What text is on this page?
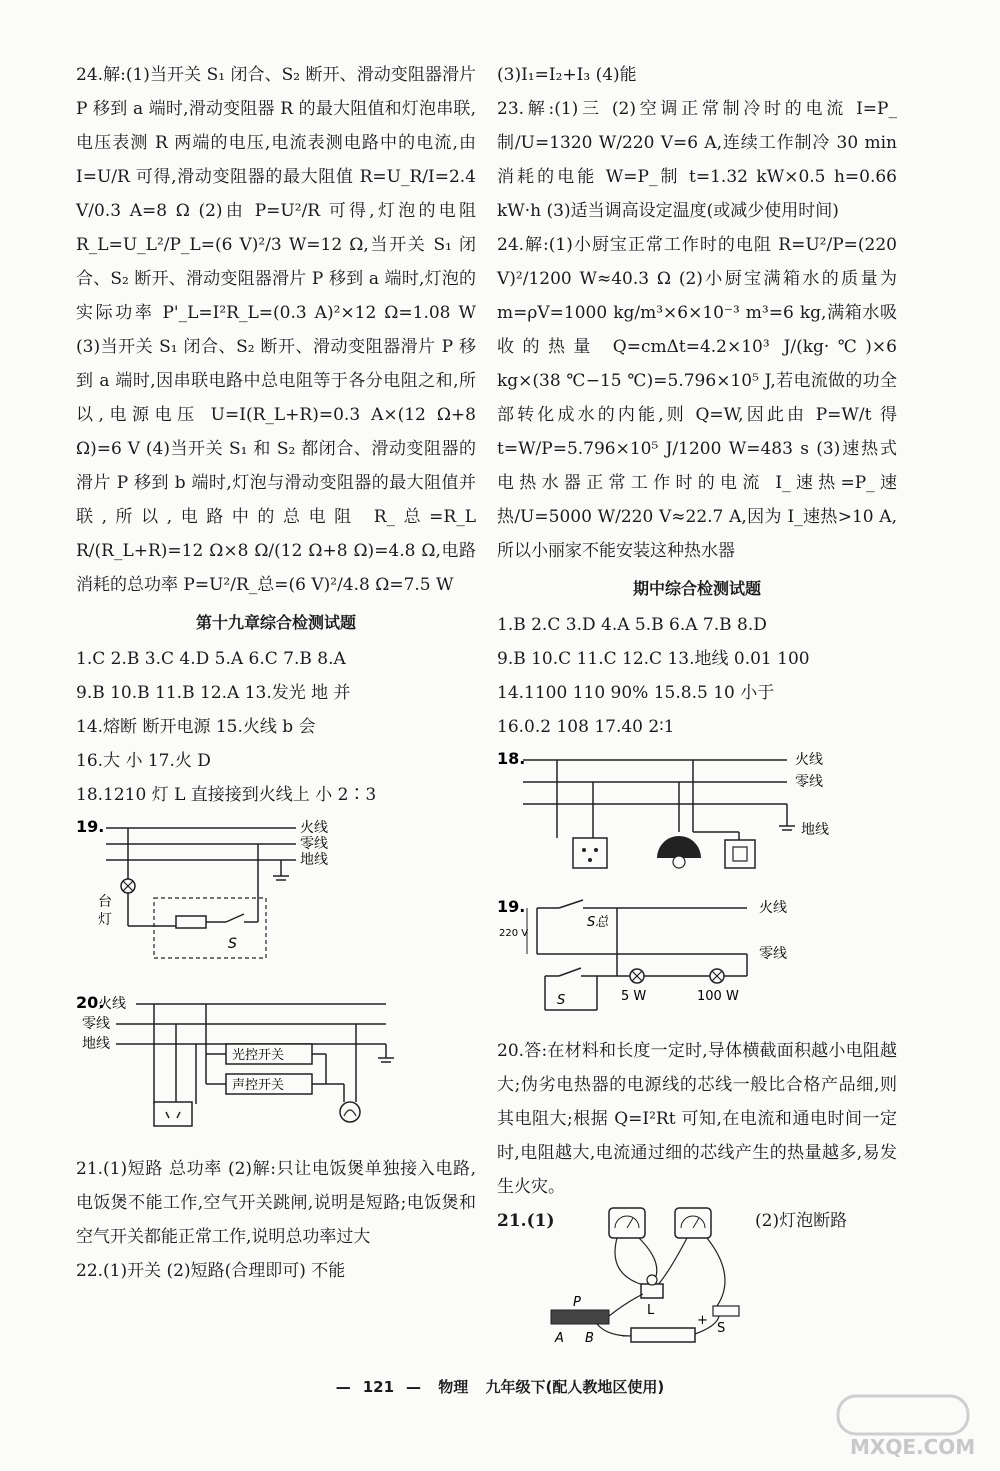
24.解:(1)当开关 S₁ 闭合、S₂ 断开、滑动变阻器滑片 P 移到 a 端时,滑动变阻器 R 的最大阻值和灯泡串联,电压表测 R 两端的电压,电流表测电路中的电流,由 I=U/R 可得,滑动变阻器的最大阻值 R=U_R/I=2.4 V/0.3 A=8 Ω (2)由 P=U²/R 可得,灯泡的电阻 R_L=U_L²/P_L=(6 V)²/3 W=12 Ω,当开关 S₁ 闭合、S₂ 断开、滑动变阻器滑片 P 移到 a 端时,灯泡的实际功率 P'_L=I²R_L=(0.3 A)²×12 Ω=1.08 W (3)当开关 S₁ 闭合、S₂ 断开、滑动变阻器滑片 P 移到 a 端时,因串联电路中总电阻等于各分电阻之和,所以,电源电压 U=I(R_L+R)=0.3 A×(12 Ω+8 Ω)=6 V (4)当开关 S₁ 和 S₂ 都闭合、滑动变阻器的滑片 P 移到 b 端时,灯泡与滑动变阻器的最大阻值并联,所以,电路中的总电阻 R_总=R_L R/(R_L+R)=12 Ω×8 Ω/(12 Ω+8 Ω)=4.8 Ω,电路消耗的总功率 P=U²/R_总=(6 V)²/4.8 Ω=7.5 W

第十九章综合检测试题
1.C 2.B 3.C 4.D 5.A 6.C 7.B 8.A
9.B 10.B 11.B 12.A 13.发光 地 并
14.熔断 断开电源 15.火线 b 会
16.大 小 17.火 D
18.1210 灯 L 直接接到火线上 小 2∶3
19.	火线
零线
地线
台
灯
S
20.
火线
零线
地线
光控开关
声控开关

21.(1)短路 总功率 (2)解:只让电饭煲单独接入电路,电饭煲不能工作,空气开关跳闸,说明是短路;电饭煲和空气开关都能正常工作,说明总功率过大

22.(1)开关 (2)短路(合理即可) 不能

(3)I₁=I₂+I₃ (4)能

23.解:(1)三 (2)空调正常制冷时的电流 I=P_制/U=1320 W/220 V=6 A,连续工作制冷 30 min 消耗的电能 W=P_制 t=1.32 kW×0.5 h=0.66 kW·h (3)适当调高设定温度(或减少使用时间)

24.解:(1)小厨宝正常工作时的电阻 R=U²/P=(220 V)²/1200 W≈40.3 Ω (2)小厨宝满箱水的质量为 m=ρV=1000 kg/m³×6×10⁻³ m³=6 kg,满箱水吸收的热量 Q=cmΔt=4.2×10³ J/(kg·℃)×6 kg×(38 ℃−15 ℃)=5.796×10⁵ J,若电流做的功全部转化成水的内能,则 Q=W,因此由 P=W/t 得 t=W/P=5.796×10⁵ J/1200 W=483 s (3)速热式电热水器正常工作时的电流 I_速热=P_速热/U=5000 W/220 V≈22.7 A,因为 I_速热>10 A,所以小丽家不能安装这种热水器

期中综合检测试题
1.B 2.C 3.D 4.A 5.B 6.A 7.B 8.D
9.B 10.C 11.C 12.C 13.地线 0.01 100
14.1100 110 90% 15.8.5 10 小于
16.0.2 108 17.40 2∶1
18.	火线
零线
地线
19.
S总
火线
零线
220 V
S	5 W	100 W

20.答:在材料和长度一定时,导体横截面积越小电阻越大;伪劣电热器的电源线的芯线一般比合格产品细,则其电阻大;根据 Q=I²Rt 可知,在电流和通电时间一定时,电阻越大,电流通过细的芯线产生的热量越多,易发生火灾。

21.(1)	(2)灯泡断路
L
P
A B −
+
S
— 121 — 物理 九年级下(配人教地区使用)
MXQE.COM
